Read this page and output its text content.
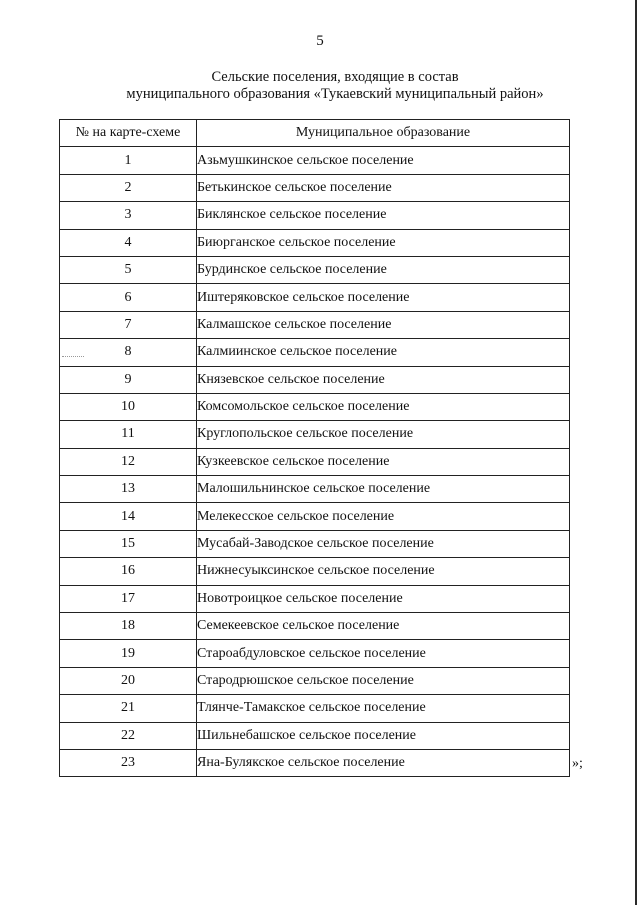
5
Сельские поселения, входящие в состав
муниципального образования «Тукаевский муниципальный район»
№ на карте-схеме	Муниципальное образование
1	Азьмушкинское сельское поселение
2	Бетькинское сельское поселение
3	Биклянское сельское поселение
4	Биюрганское сельское поселение
5	Бурдинское сельское поселение
6	Иштеряковское сельское поселение
7	Калмашское сельское поселение
8	Калмиинское сельское поселение
9	Князевское сельское поселение
10	Комсомольское сельское поселение
11	Круглопольское сельское поселение
12	Кузкеевское сельское поселение
13	Малошильнинское сельское поселение
14	Мелекесское сельское поселение
15	Мусабай-Заводское сельское поселение
16	Нижнесуыксинское сельское поселение
17	Новотроицкое сельское поселение
18	Семекеевское сельское поселение
19	Староабдуловское сельское поселение
20	Стародрюшское сельское поселение
21	Тлянче-Тамакское сельское поселение
22	Шильнебашское сельское поселение
23	Яна-Булякское сельское поселение	»;
